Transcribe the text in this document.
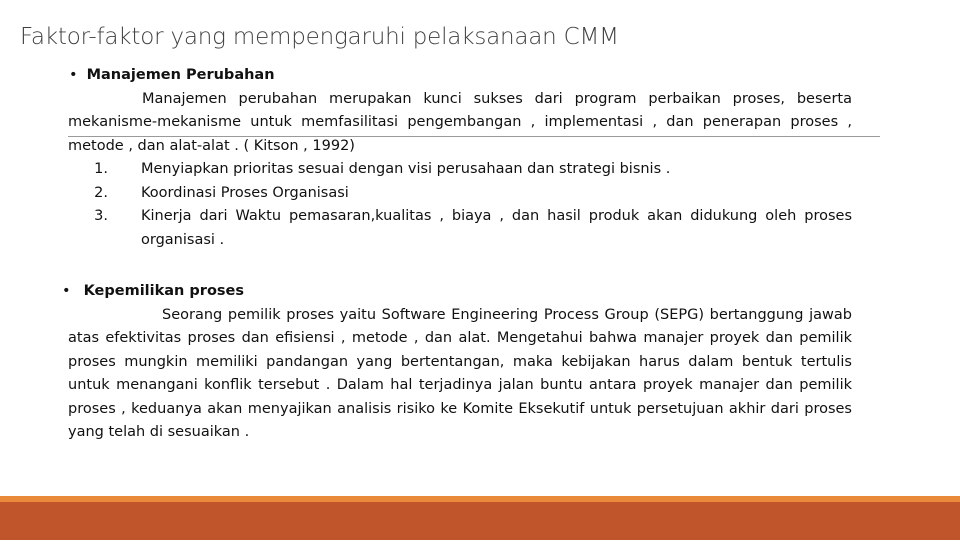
Faktor-faktor yang mempengaruhi pelaksanaan CMM
• Manajemen Perubahan

Manajemen perubahan merupakan kunci sukses dari program perbaikan proses, beserta mekanisme-mekanisme untuk memfasilitasi pengembangan , implementasi , dan penerapan proses , metode , dan alat-alat . ( Kitson , 1992)

1.	Menyiapkan prioritas sesuai dengan visi perusahaan dan strategi bisnis .
2.	Koordinasi Proses Organisasi
3.	Kinerja dari Waktu pemasaran,kualitas , biaya , dan hasil produk akan didukung oleh proses organisasi .
• Kepemilikan proses

Seorang pemilik proses yaitu Software Engineering Process Group (SEPG) bertanggung jawab atas efektivitas proses dan efisiensi , metode , dan alat. Mengetahui bahwa manajer proyek dan pemilik proses mungkin memiliki pandangan yang bertentangan, maka kebijakan harus dalam bentuk tertulis untuk menangani konflik tersebut . Dalam hal terjadinya jalan buntu antara proyek manajer dan pemilik proses , keduanya akan menyajikan analisis risiko ke Komite Eksekutif untuk persetujuan akhir dari proses yang telah di sesuaikan .
